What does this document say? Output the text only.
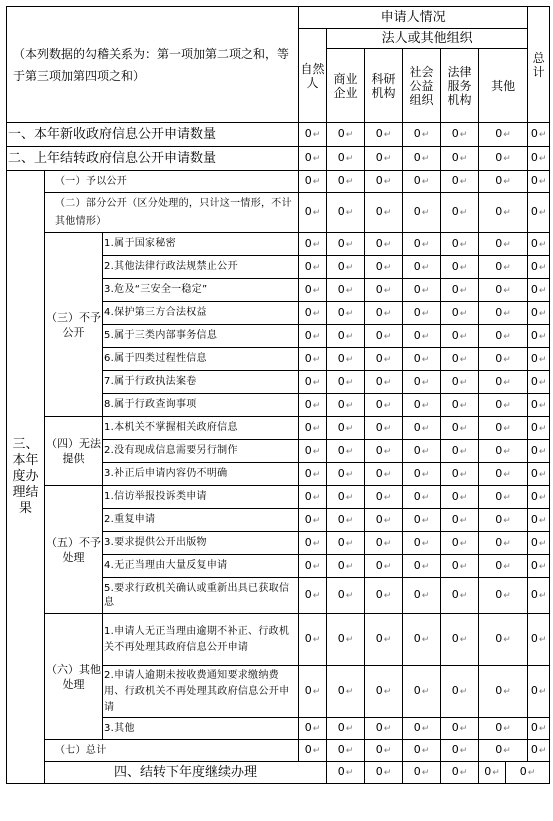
（本列数据的勾稽关系为：第一项加第二项之和，等于第三项加第四项之和）			申请人情况							总计	
			自然人	法人或其他组织							
				商业企业	科研机构	社会公益组织	法律服务机构	其他			
一、本年新收政府信息公开申请数量			0 ↵	0 ↵	0 ↵	0 ↵	0 ↵	0 ↵		0 ↵
二、上年结转政府信息公开申请数量			0 ↵	0 ↵	0 ↵	0 ↵	0 ↵	0 ↵		0 ↵
三、本年度办理结果	（一）予以公开		0 ↵	0 ↵	0 ↵	0 ↵	0 ↵	0 ↵		0 ↵
	（二）部分公开（区分处理的，只计这一情形，不计其他情形）		0 ↵	0 ↵	0 ↵	0 ↵	0 ↵	0 ↵		0 ↵
	（三）不予公开	1.属于国家秘密	0 ↵	0 ↵	0 ↵	0 ↵	0 ↵	0 ↵		0 ↵
		2.其他法律行政法规禁止公开	0 ↵	0 ↵	0 ↵	0 ↵	0 ↵	0 ↵		0 ↵
		3.危及“三安全一稳定”	0 ↵	0 ↵	0 ↵	0 ↵	0 ↵	0 ↵		0 ↵
		4.保护第三方合法权益	0 ↵	0 ↵	0 ↵	0 ↵	0 ↵	0 ↵		0 ↵
		5.属于三类内部事务信息	0 ↵	0 ↵	0 ↵	0 ↵	0 ↵	0 ↵		0 ↵
		6.属于四类过程性信息	0 ↵	0 ↵	0 ↵	0 ↵	0 ↵	0 ↵		0 ↵
		7.属于行政执法案卷	0 ↵	0 ↵	0 ↵	0 ↵	0 ↵	0 ↵		0 ↵
		8.属于行政查询事项	0 ↵	0 ↵	0 ↵	0 ↵	0 ↵	0 ↵		0 ↵
	（四）无法提供	1.本机关不掌握相关政府信息	0 ↵	0 ↵	0 ↵	0 ↵	0 ↵	0 ↵		0 ↵
		2.没有现成信息需要另行制作	0 ↵	0 ↵	0 ↵	0 ↵	0 ↵	0 ↵		0 ↵
		3.补正后申请内容仍不明确	0 ↵	0 ↵	0 ↵	0 ↵	0 ↵	0 ↵		0 ↵
	（五）不予处理	1.信访举报投诉类申请	0 ↵	0 ↵	0 ↵	0 ↵	0 ↵	0 ↵		0 ↵
		2.重复申请	0 ↵	0 ↵	0 ↵	0 ↵	0 ↵	0 ↵		0 ↵
		3.要求提供公开出版物	0 ↵	0 ↵	0 ↵	0 ↵	0 ↵	0 ↵		0 ↵
		4.无正当理由大量反复申请	0 ↵	0 ↵	0 ↵	0 ↵	0 ↵	0 ↵		0 ↵
		5.要求行政机关确认或重新出具已获取信息	0 ↵	0 ↵	0 ↵	0 ↵	0 ↵	0 ↵		0 ↵
	（六）其他处理	1.申请人无正当理由逾期不补正、行政机关不再处理其政府信息公开申请	0 ↵	0 ↵	0 ↵	0 ↵	0 ↵	0 ↵		0 ↵
		2.申请人逾期未按收费通知要求缴纳费用、行政机关不再处理其政府信息公开申请	0 ↵	0 ↵	0 ↵	0 ↵	0 ↵	0 ↵		0 ↵
		3.其他	0 ↵	0 ↵	0 ↵	0 ↵	0 ↵	0 ↵		0 ↵
	（七）总计		0 ↵	0 ↵	0 ↵	0 ↵	0 ↵	0 ↵		0 ↵
	四、结转下年度继续办理			0 ↵	0 ↵	0 ↵	0 ↵	0 ↵	0 ↵	
